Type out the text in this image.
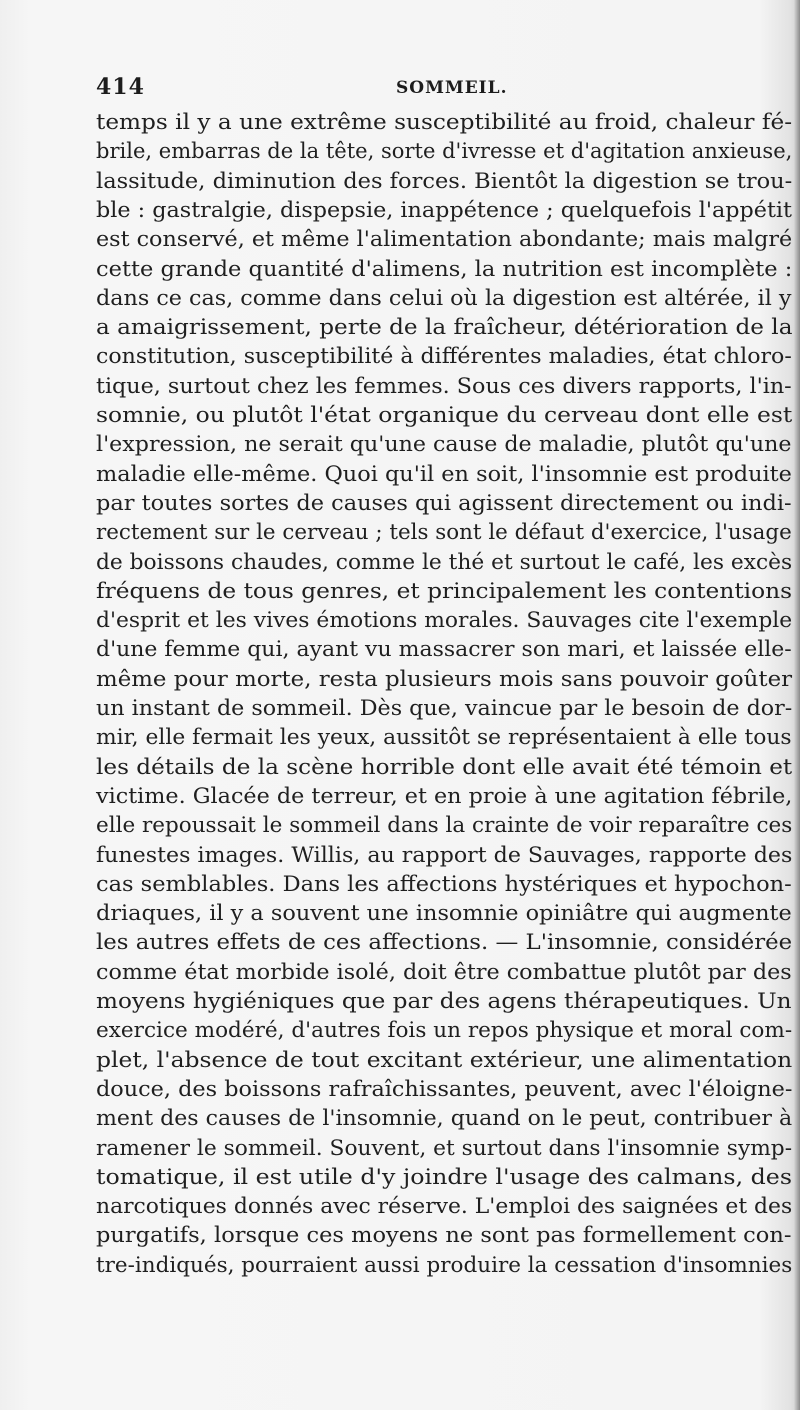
414	SOMMEIL.
temps il y a une extrême susceptibilité au froid, chaleur fé-
brile, embarras de la tête, sorte d'ivresse et d'agitation anxieuse,
lassitude, diminution des forces. Bientôt la digestion se trou-
ble : gastralgie, dispepsie, inappétence ; quelquefois l'appétit
est conservé, et même l'alimentation abondante; mais malgré
cette grande quantité d'alimens, la nutrition est incomplète :
dans ce cas, comme dans celui où la digestion est altérée, il y
a amaigrissement, perte de la fraîcheur, détérioration de la
constitution, susceptibilité à différentes maladies, état chloro-
tique, surtout chez les femmes. Sous ces divers rapports, l'in-
somnie, ou plutôt l'état organique du cerveau dont elle est
l'expression, ne serait qu'une cause de maladie, plutôt qu'une
maladie elle-même. Quoi qu'il en soit, l'insomnie est produite
par toutes sortes de causes qui agissent directement ou indi-
rectement sur le cerveau ; tels sont le défaut d'exercice, l'usage
de boissons chaudes, comme le thé et surtout le café, les excès
fréquens de tous genres, et principalement les contentions
d'esprit et les vives émotions morales. Sauvages cite l'exemple
d'une femme qui, ayant vu massacrer son mari, et laissée elle-
même pour morte, resta plusieurs mois sans pouvoir goûter
un instant de sommeil. Dès que, vaincue par le besoin de dor-
mir, elle fermait les yeux, aussitôt se représentaient à elle tous
les détails de la scène horrible dont elle avait été témoin et
victime. Glacée de terreur, et en proie à une agitation fébrile,
elle repoussait le sommeil dans la crainte de voir reparaître ces
funestes images. Willis, au rapport de Sauvages, rapporte des
cas semblables. Dans les affections hystériques et hypochon-
driaques, il y a souvent une insomnie opiniâtre qui augmente
les autres effets de ces affections. — L'insomnie, considérée
comme état morbide isolé, doit être combattue plutôt par des
moyens hygiéniques que par des agens thérapeutiques. Un
exercice modéré, d'autres fois un repos physique et moral com-
plet, l'absence de tout excitant extérieur, une alimentation
douce, des boissons rafraîchissantes, peuvent, avec l'éloigne-
ment des causes de l'insomnie, quand on le peut, contribuer à
ramener le sommeil. Souvent, et surtout dans l'insomnie symp-
tomatique, il est utile d'y joindre l'usage des calmans, des
narcotiques donnés avec réserve. L'emploi des saignées et des
purgatifs, lorsque ces moyens ne sont pas formellement con-
tre-indiqués, pourraient aussi produire la cessation d'insomnies
